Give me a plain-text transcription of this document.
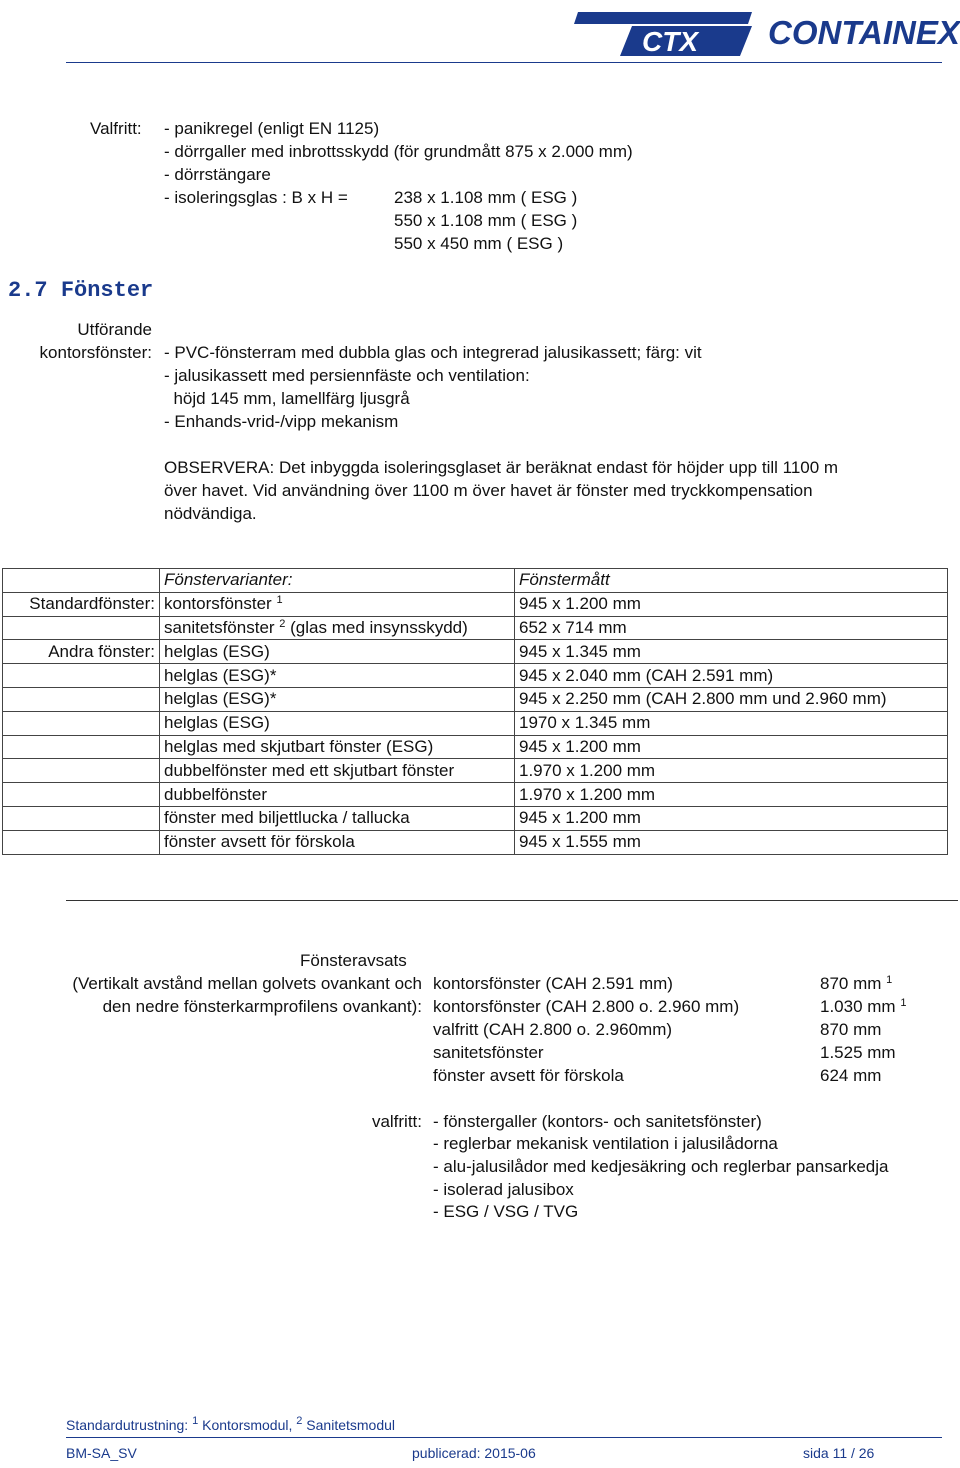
CTX CONTAINEX
Valfritt: - panikregel (enligt EN 1125)
- dörrgaller med inbrottsskydd (för grundmått 875 x 2.000 mm)
- dörrstängare
- isoleringsglas : B x H =	238 x 1.108 mm ( ESG )
550 x 1.108 mm ( ESG )
550 x 450 mm ( ESG )
2.7 Fönster
Utförande
kontorsfönster: - PVC-fönsterram med dubbla glas och integrerad jalusikassett; färg: vit
- jalusikassett med persiennfäste och ventilation:
höjd 145 mm, lamellfärg ljusgrå
- Enhands-vrid-/vipp mekanism
OBSERVERA: Det inbyggda isoleringsglaset är beräknat endast för höjder upp till 1100 m
över havet. Vid användning över 1100 m över havet är fönster med tryckkompensation
nödvändiga.
	Fönstervarianter:	Fönstermått
Standardfönster:	kontorsfönster $^1$	945 x 1.200 mm
	sanitetsfönster $^2$ (glas med insynsskydd)	652 x 714 mm
Andra fönster:	helglas (ESG)	945 x 1.345 mm
	helglas (ESG)*	945 x 2.040 mm (CAH 2.591 mm)
	helglas (ESG)*	945 x 2.250 mm (CAH 2.800 mm und 2.960 mm)
	helglas (ESG)	1970 x 1.345 mm
	helglas med skjutbart fönster (ESG)	945 x 1.200 mm
	dubbelfönster med ett skjutbart fönster	1.970 x 1.200 mm
	dubbelfönster	1.970 x 1.200 mm
	fönster med biljettlucka / tallucka	945 x 1.200 mm
	fönster avsett för förskola	945 x 1.555 mm
Fönsteravsats
(Vertikalt avstånd mellan golvets ovankant och
den nedre fönsterkarmprofilens ovankant):
kontorsfönster (CAH 2.591 mm)	870 mm $^1$
kontorsfönster (CAH 2.800 o. 2.960 mm)	1.030 mm $^1$
valfritt (CAH 2.800 o. 2.960mm)	870 mm
sanitetsfönster	1.525 mm
fönster avsett för förskola	624 mm
valfritt: - fönstergaller (kontors- och sanitetsfönster)
- reglerbar mekanisk ventilation i jalusilådorna
- alu-jalusilådor med kedjesäkring och reglerbar pansarkedja
- isolerad jalusibox
- ESG / VSG / TVG
Standardutrustning: $^1$ Kontorsmodul, $^2$ Sanitetsmodul
BM-SA_SV	publicerad: 2015-06	sida 11 / 26
